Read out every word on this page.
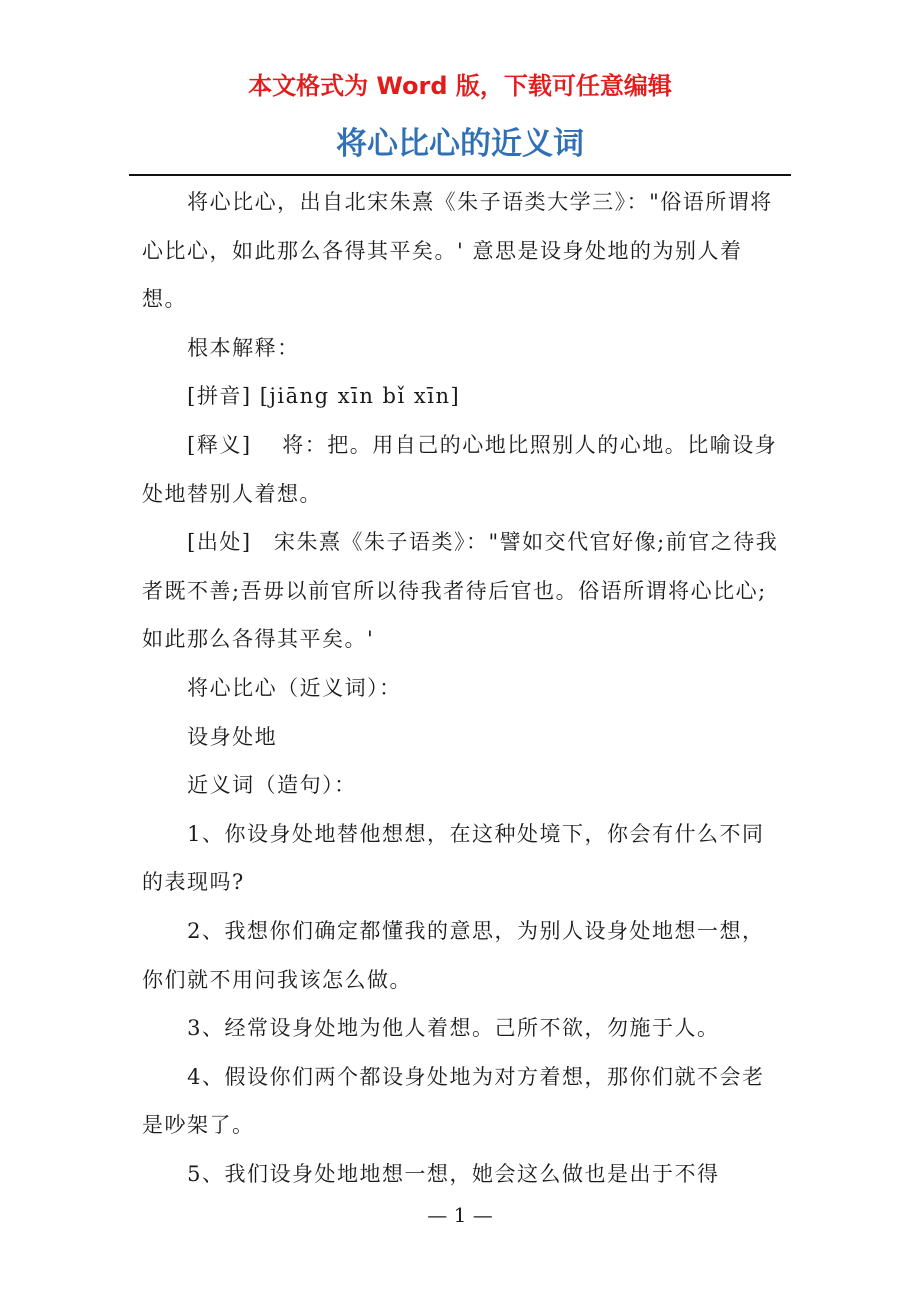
本文格式为 Word 版，下载可任意编辑
将心比心的近义词

将心比心，出自北宋朱熹《朱子语类大学三》："俗语所谓将心比心，如此那么各得其平矣。' 意思是设身处地的为别人着想。

根本解释：

[拼音] [jiāng xīn bǐ xīn]

[释义]　 将：把。用自己的心地比照别人的心地。比喻设身处地替别人着想。

[出处]　宋朱熹《朱子语类》："譬如交代官好像;前官之待我者既不善;吾毋以前官所以待我者待后官也。俗语所谓将心比心;如此那么各得其平矣。'

将心比心（近义词）：

设身处地

近义词（造句）：

1、你设身处地替他想想，在这种处境下，你会有什么不同的表现吗?

2、我想你们确定都懂我的意思，为别人设身处地想一想，你们就不用问我该怎么做。

3、经常设身处地为他人着想。己所不欲，勿施于人。

4、假设你们两个都设身处地为对方着想，那你们就不会老是吵架了。

5、我们设身处地地想一想，她会这么做也是出于不得

— 1 —
